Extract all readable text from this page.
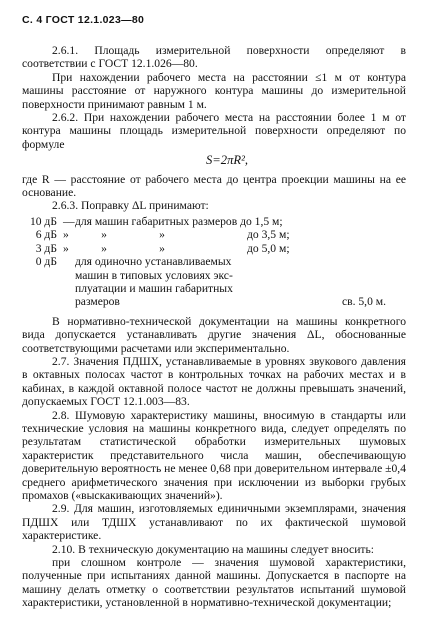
С. 4 ГОСТ 12.1.023—80

2.6.1. Площадь измерительной поверхности определяют в соответствии с ГОСТ 12.1.026—80.

При нахождении рабочего места на расстоянии ≤1 м от контура машины расстояние от наружного контура машины до измерительной поверхности принимают равным 1 м.

2.6.2. При нахождении рабочего места на расстоянии более 1 м от контура машины площадь измерительной поверхности определяют по формуле

S=2πR²,

где R — расстояние от рабочего места до центра проекции машины на ее основание.

2.6.3. Поправку ΔL принимают:

10 дБ — для машин габаритных размеров до 1,5 м;
6 дБ »	»	»	до 3,5 м;
3 дБ »	»	»	до 5,0 м;
0 дБ	для одиночно устанавливаемых
машин в типовых условиях экс-
плуатации и машин габаритных
размеров	св. 5,0 м.

В нормативно-технической документации на машины конкретного вида допускается устанавливать другие значения ΔL, обоснованные соответствующими расчетами или экспериментально.

2.7. Значения ПДШХ, устанавливаемые в уровнях звукового давления в октавных полосах частот в контрольных точках на рабочих местах и в кабинах, в каждой октавной полосе частот не должны превышать значений, допускаемых ГОСТ 12.1.003—83.

2.8. Шумовую характеристику машины, вносимую в стандарты или технические условия на машины конкретного вида, следует определять по результатам статистической обработки измерительных шумовых характеристик представительного числа машин, обеспечивающую доверительную вероятность не менее 0,68 при доверительном интервале ±0,4 среднего арифметического значения при исключении из выборки грубых промахов («выскакивающих значений»).

2.9. Для машин, изготовляемых единичными экземплярами, значения ПДШХ или ТДШХ устанавливают по их фактической шумовой характеристике.

2.10. В техническую документацию на машины следует вносить:

при слошном контроле — значения шумовой характеристики, полученные при испытаниях данной машины. Допускается в паспорте на машину делать отметку о соответствии результатов испытаний шумовой характеристики, установленной в нормативно-технической документации;
